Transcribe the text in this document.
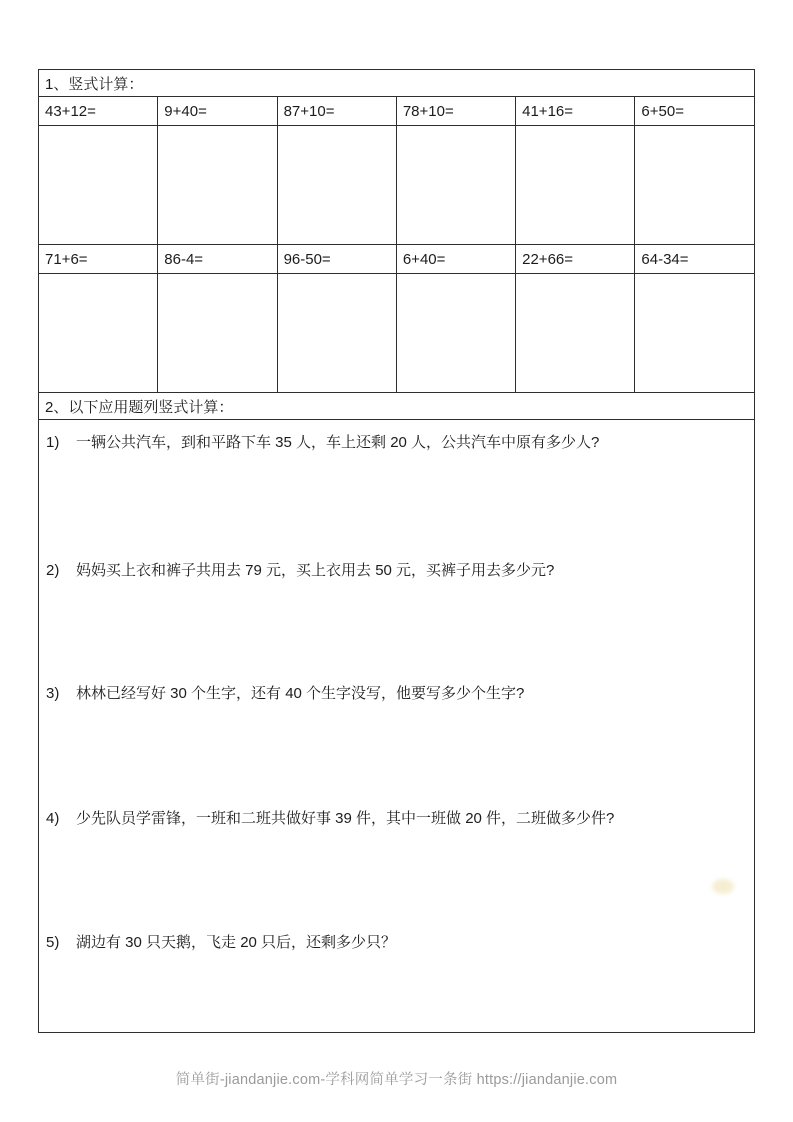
1、竖式计算：					
43+12=	9+40=	87+10=	78+10=	41+16=	6+50=

71+6=	86-4=	96-50=	6+40=	22+66=	64-34=

2、以下应用题列竖式计算：					

1)	一辆公共汽车，到和平路下车 35 人，车上还剩 20 人，公共汽车中原有多少人?
2)	妈妈买上衣和裤子共用去 79 元，买上衣用去 50 元，买裤子用去多少元?
3)	林林已经写好 30 个生字，还有 40 个生字没写，他要写多少个生字?
4)	少先队员学雷锋，一班和二班共做好事 39 件，其中一班做 20 件，二班做多少件?
5)	湖边有 30 只天鹅，飞走 20 只后，还剩多少只？
简单街-jiandanjie.com-学科网简单学习一条街 https://jiandanjie.com
